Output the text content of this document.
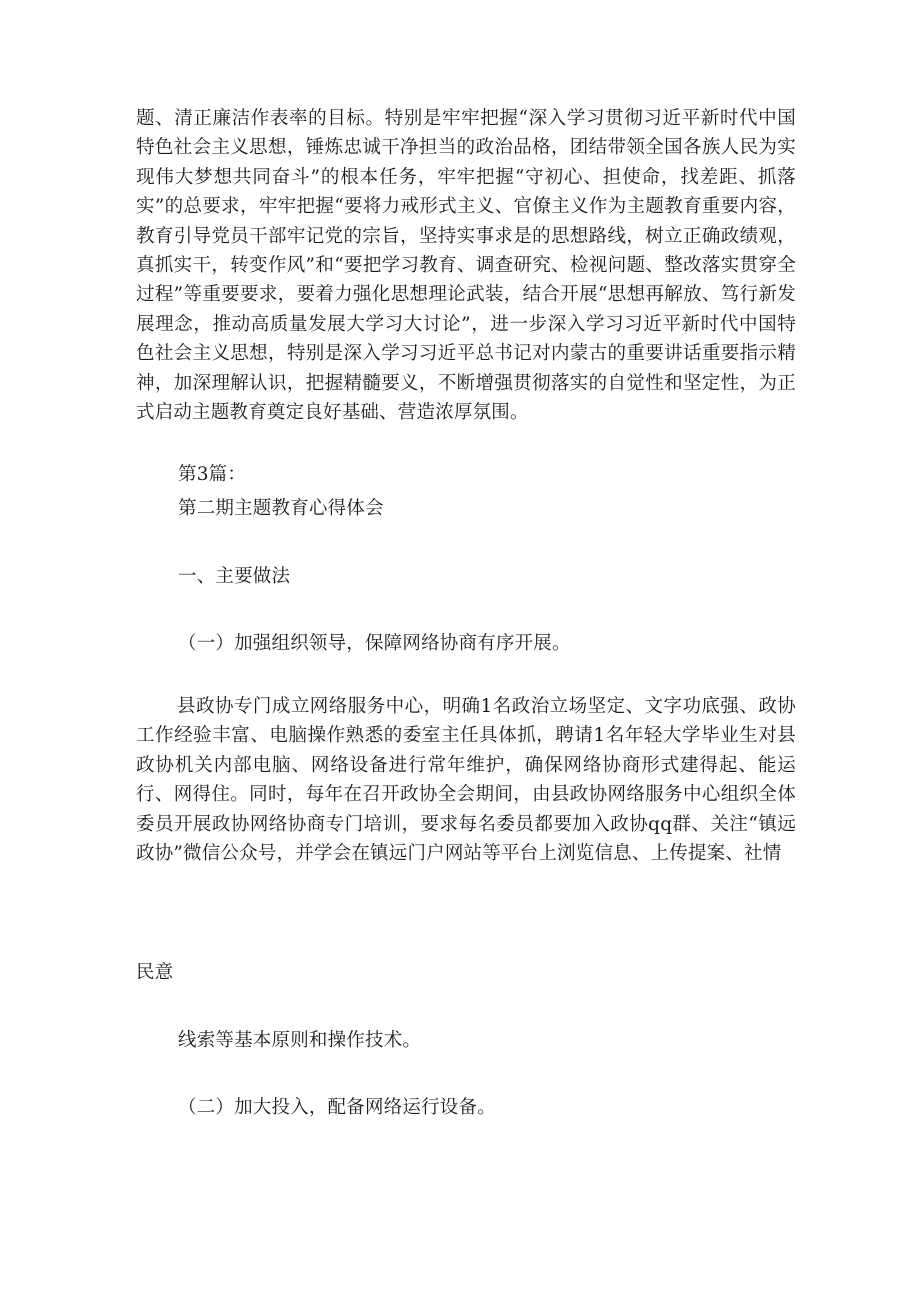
题、清正廉洁作表率的目标。特别是牢牢把握“深入学习贯彻习近平新时代中国特色社会主义思想，锤炼忠诚干净担当的政治品格，团结带领全国各族人民为实现伟大梦想共同奋斗”的根本任务，牢牢把握“守初心、担使命，找差距、抓落实”的总要求，牢牢把握“要将力戒形式主义、官僚主义作为主题教育重要内容，教育引导党员干部牢记党的宗旨，坚持实事求是的思想路线，树立正确政绩观，真抓实干，转变作风”和“要把学习教育、调查研究、检视问题、整改落实贯穿全过程”等重要要求，要着力强化思想理论武装，结合开展“思想再解放、笃行新发展理念，推动高质量发展大学习大讨论”，进一步深入学习习近平新时代中国特色社会主义思想，特别是深入学习习近平总书记对内蒙古的重要讲话重要指示精神，加深理解认识，把握精髓要义，不断增强贯彻落实的自觉性和坚定性，为正式启动主题教育奠定良好基础、营造浓厚氛围。

第3篇：

第二期主题教育心得体会

一、主要做法

（一）加强组织领导，保障网络协商有序开展。

县政协专门成立网络服务中心，明确1名政治立场坚定、文字功底强、政协工作经验丰富、电脑操作熟悉的委室主任具体抓，聘请1名年轻大学毕业生对县政协机关内部电脑、网络设备进行常年维护，确保网络协商形式建得起、能运行、网得住。同时，每年在召开政协全会期间，由县政协网络服务中心组织全体委员开展政协网络协商专门培训，要求每名委员都要加入政协qq群、关注“镇远政协”微信公众号，并学会在镇远门户网站等平台上浏览信息、上传提案、社情

民意

线索等基本原则和操作技术。

（二）加大投入，配备网络运行设备。
